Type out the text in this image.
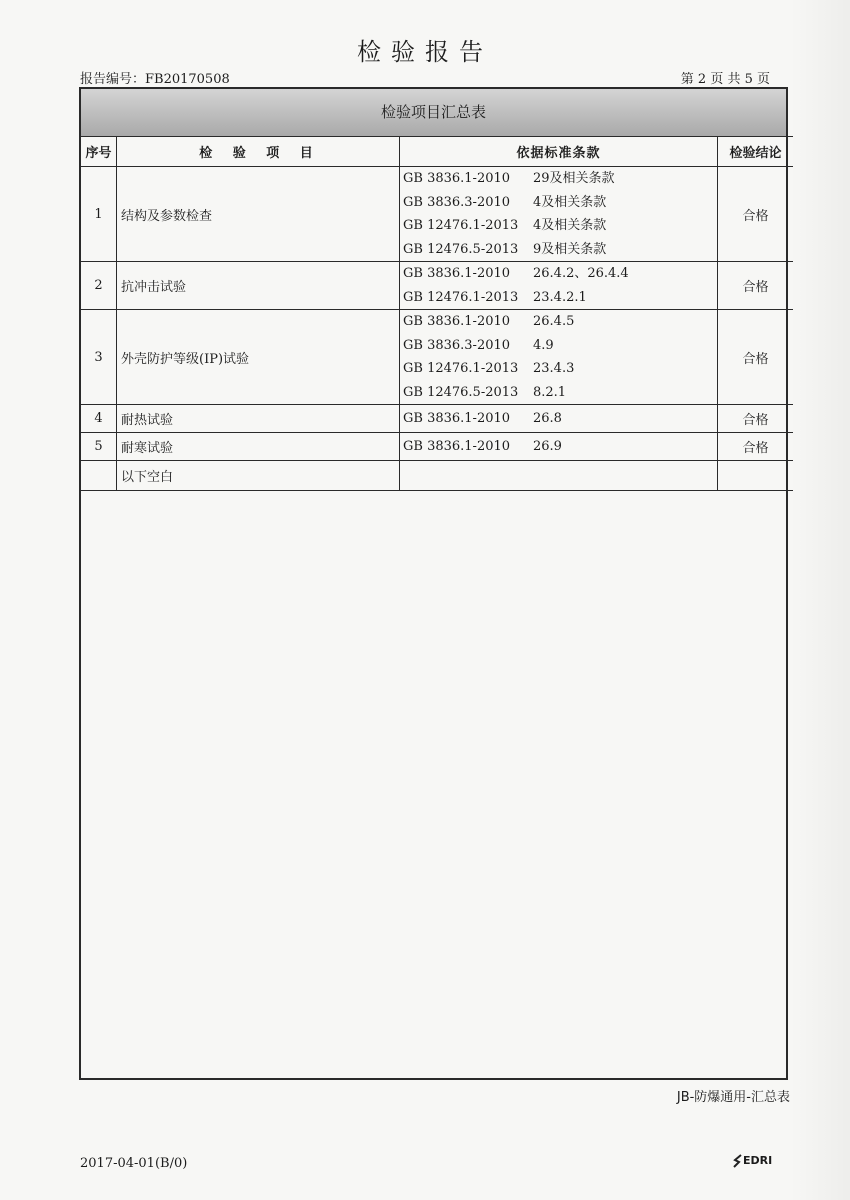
检验报告
报告编号：FB20170508	第 2 页 共 5 页
检验项目汇总表
序号	检 验 项 目	依据标准条款	检验结论
1	结构及参数检查	GB 3836.1-2010 29及相关条款
GB 3836.3-2010 4及相关条款
GB 12476.1-2013 4及相关条款
GB 12476.5-2013 9及相关条款	合格
2	抗冲击试验	GB 3836.1-2010 26.4.2、26.4.4
GB 12476.1-2013 23.4.2.1	合格
3	外壳防护等级(IP)试验	GB 3836.1-2010 26.4.5
GB 3836.3-2010 4.9
GB 12476.1-2013 23.4.3
GB 12476.5-2013 8.2.1	合格
4	耐热试验	GB 3836.1-2010 26.8	合格
5	耐寒试验	GB 3836.1-2010 26.9	合格
	以下空白		
JB-防爆通用-汇总表
2017-04-01(B/0)	EDRI
